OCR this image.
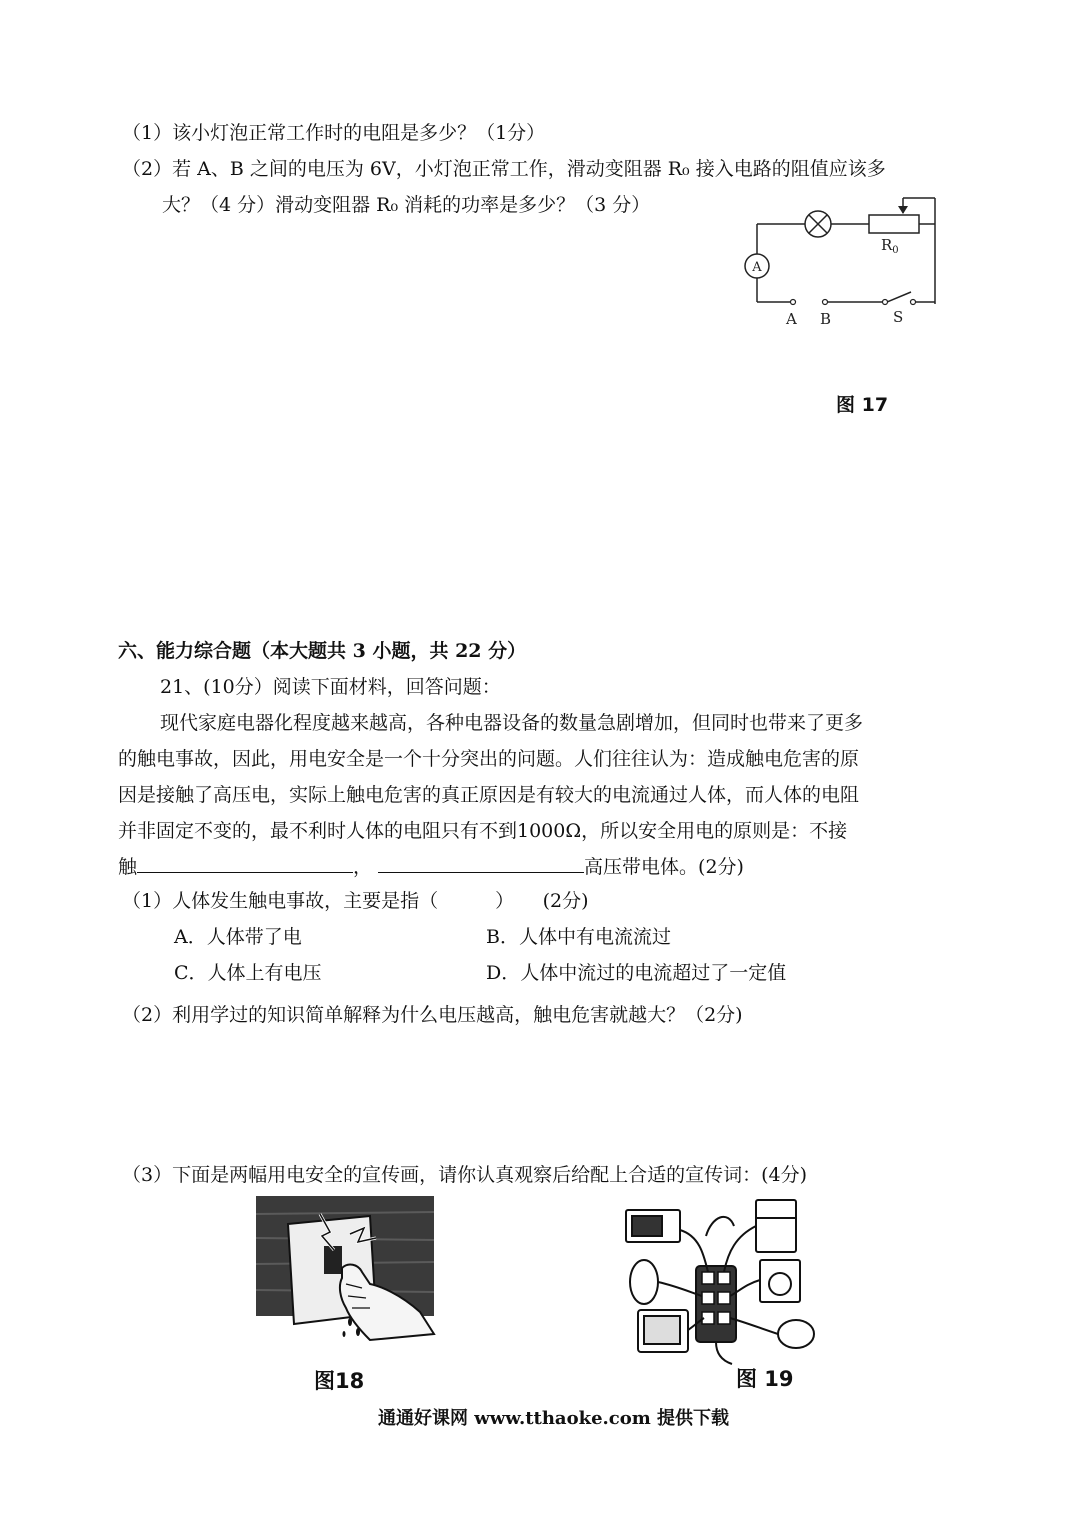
（1）该小灯泡正常工作时的电阻是多少？（1分）
（2）若 A、B 之间的电压为 6V，小灯泡正常工作，滑动变阻器 R₀ 接入电路的阻值应该多
大？（4 分）滑动变阻器 R₀ 消耗的功率是多少？（3 分）
A
$R_0$
A B	S
图 17
六、能力综合题（本大题共 3 小题，共 22 分）
21、(10分）阅读下面材料，回答问题：
现代家庭电器化程度越来越高，各种电器设备的数量急剧增加，但同时也带来了更多
的触电事故，因此，用电安全是一个十分突出的问题。人们往往认为：造成触电危害的原
因是接触了高压电，实际上触电危害的真正原因是有较大的电流通过人体，而人体的电阻
并非固定不变的，最不利时人体的电阻只有不到1000Ω，所以安全用电的原则是：不接
触	，	高压带电体。(2分)
（1）人体发生触电事故，主要是指（　　　）　　(2分)
A．人体带了电	B．人体中有电流流过
C．人体上有电压	D．人体中流过的电流超过了一定值
（2）利用学过的知识简单解释为什么电压越高，触电危害就越大？（2分)
（3）下面是两幅用电安全的宣传画，请你认真观察后给配上合适的宣传词：(4分)
图18	图 19
通通好课网 www.tthaoke.com 提供下载
